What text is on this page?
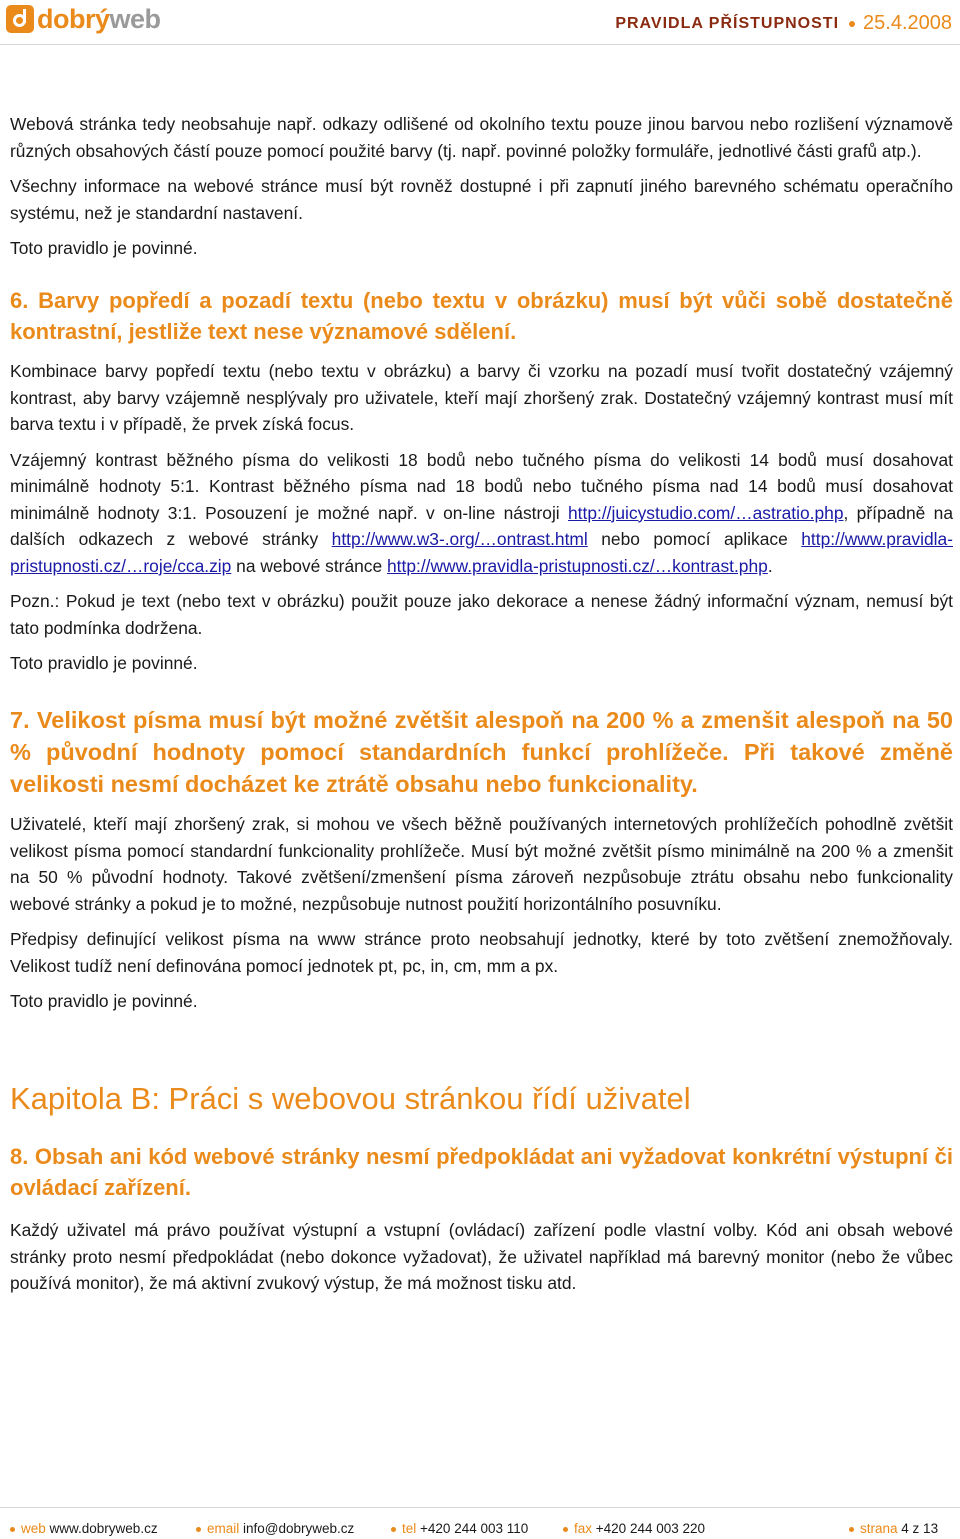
dobrýweb	PRAVIDLA PŘÍSTUPNOSTI 25.4.2008

Webová stránka tedy neobsahuje např. odkazy odlišené od okolního textu pouze jinou barvou nebo rozlišení významově různých obsahových částí pouze pomocí použité barvy (tj. např. povinné položky formuláře, jednotlivé části grafů atp.).

Všechny informace na webové stránce musí být rovněž dostupné i při zapnutí jiného barevného schématu operačního systému, než je standardní nastavení.

Toto pravidlo je povinné.

6. Barvy popředí a pozadí textu (nebo textu v obrázku) musí být vůči sobě dostatečně kontrastní, jestliže text nese významové sdělení.

Kombinace barvy popředí textu (nebo textu v obrázku) a barvy či vzorku na pozadí musí tvořit dostatečný vzájemný kontrast, aby barvy vzájemně nesplývaly pro uživatele, kteří mají zhoršený zrak. Dostatečný vzájemný kontrast musí mít barva textu i v případě, že prvek získá focus.

Vzájemný kontrast běžného písma do velikosti 18 bodů nebo tučného písma do velikosti 14 bodů musí dosahovat minimálně hodnoty 5:1. Kontrast běžného písma nad 18 bodů nebo tučného písma nad 14 bodů musí dosahovat minimálně hodnoty 3:1. Posouzení je možné např. v on-line nástroji http://juicystudio.com/…astratio.php, případně na dalších odkazech z webové stránky http://www.w3-.org/…ontrast.html nebo pomocí aplikace http://www.pravidla-pristupnosti.cz/…roje/cca.zip na webové stránce http://www.pravidla-pristupnosti.cz/…kontrast.php.

Pozn.: Pokud je text (nebo text v obrázku) použit pouze jako dekorace a nenese žádný informační význam, nemusí být tato podmínka dodržena.

Toto pravidlo je povinné.

7. Velikost písma musí být možné zvětšit alespoň na 200 % a zmenšit alespoň na 50 % původní hodnoty pomocí standardních funkcí prohlížeče. Při takové změně velikosti nesmí docházet ke ztrátě obsahu nebo funkcionality.

Uživatelé, kteří mají zhoršený zrak, si mohou ve všech běžně používaných internetových prohlížečích pohodlně zvětšit velikost písma pomocí standardní funkcionality prohlížeče. Musí být možné zvětšit písmo minimálně na 200 % a zmenšit na 50 % původní hodnoty. Takové zvětšení/zmenšení písma zároveň nezpůsobuje ztrátu obsahu nebo funkcionality webové stránky a pokud je to možné, nezpůsobuje nutnost použití horizontálního posuvníku.

Předpisy definující velikost písma na www stránce proto neobsahují jednotky, které by toto zvětšení znemožňovaly. Velikost tudíž není definována pomocí jednotek pt, pc, in, cm, mm a px.

Toto pravidlo je povinné.

Kapitola B: Práci s webovou stránkou řídí uživatel
8. Obsah ani kód webové stránky nesmí předpokládat ani vyžadovat konkrétní výstupní či ovládací zařízení.

Každý uživatel má právo používat výstupní a vstupní (ovládací) zařízení podle vlastní volby. Kód ani obsah webové stránky proto nesmí předpokládat (nebo dokonce vyžadovat), že uživatel například má barevný monitor (nebo že vůbec používá monitor), že má aktivní zvukový výstup, že má možnost tisku atd.

web www.dobryweb.cz	email info@dobryweb.cz	tel +420 244 003 110	fax +420 244 003 220	strana 4 z 13
